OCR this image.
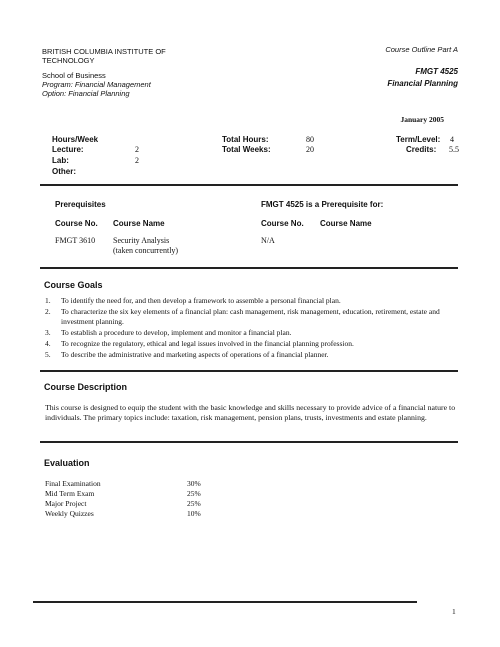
BRITISH COLUMBIA INSTITUTE OF
TECHNOLOGY
School of Business
Program: Financial Management
Option: Financial Planning
Course Outline Part A
FMGT 4525
Financial Planning
January 2005
Hours/Week
Lecture:	2
Lab:	2
Other:
Total Hours:	80
Total Weeks:	20
Term/Level: 4
Credits: 5.5
Prerequisites
Course No. Course Name
FMGT 3610 Security Analysis
(taken concurrently)
FMGT 4525 is a Prerequisite for:
Course No. Course Name
N/A
Course Goals
1. To identify the need for, and then develop a framework to assemble a personal financial plan.
2. To characterize the six key elements of a financial plan: cash management, risk management, education, retirement, estate and investment planning.
3. To establish a procedure to develop, implement and monitor a financial plan.
4. To recognize the regulatory, ethical and legal issues involved in the financial planning profession.
5. To describe the administrative and marketing aspects of operations of a financial planner.
Course Description
This course is designed to equip the student with the basic knowledge and skills necessary to provide advice of a financial nature to individuals. The primary topics include: taxation, risk management, pension plans, trusts, investments and estate planning.
Evaluation
Final Examination	30%
Mid Term Exam	25%
Major Project	25%
Weekly Quizzes	10%
1
